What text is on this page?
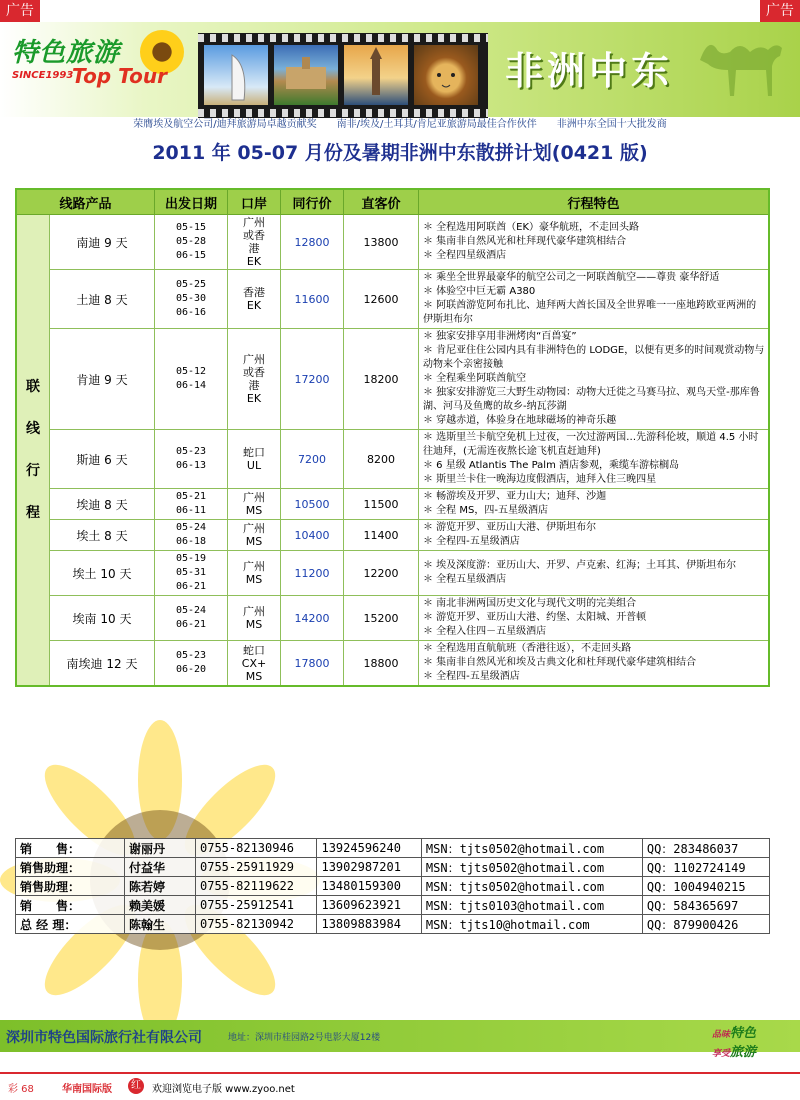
广告	广告
特色旅游
SINCE1993
Top Tour	非洲中东
荣膺埃及航空公司/迪拜旅游局卓越贡献奖　　南非/埃及/土耳其/肯尼亚旅游局最佳合作伙伴　　非洲中东全国十大批发商
2011 年 05-07 月份及暑期非洲中东散拼计划(0421 版)
线路产品		出发日期	口岸	同行价	直客价	行程特色

联
线
行
程	南迪 9 天	05-15
05-28
06-15	广州
或香
港
EK	12800	13800	＊ 全程选用阿联酋（EK）豪华航班，不走回头路
＊ 集南非自然风光和杜拜现代豪华建筑相结合
＊ 全程四星级酒店

	土迪 8 天	05-25
05-30
06-16	香港
EK	11600	12600	＊ 乘坐全世界最豪华的航空公司之一阿联酋航空——尊贵 豪华舒适
＊ 体验空中巨无霸 A380
＊ 阿联酋游览阿布扎比、迪拜两大酋长国及全世界唯一一座地跨欧亚两洲的伊斯坦布尔

	肯迪 9 天	05-12
06-14	广州
或香
港
EK	17200	18200	＊ 独家安排享用非洲烤肉“百兽宴”
＊ 肯尼亚住住公园内具有非洲特色的 LODGE，以便有更多的时间观赏动物与动物来个亲密接触
＊ 全程乘坐阿联酋航空
＊ 独家安排游览三大野生动物园：动物大迁徙之马赛马拉、观鸟天堂-那库鲁湖、河马及鱼鹰的故乡-纳瓦莎湖
＊ 穿越赤道，体验身在地球磁场的神奇乐趣

	斯迪 6 天	05-23
06-13	蛇口
UL	7200	8200	＊ 选斯里兰卡航空免机上过夜，一次过游两国…先游科伦坡，顺道 4.5 小时往迪拜，(无需连夜熬长途飞机直赶迪拜)
＊ 6 星级 Atlantis The Palm 酒店参观，乘缆车游棕榈岛
＊ 斯里兰卡住一晚海边度假酒店，迪拜入住三晚四星

	埃迪 8 天	05-21
06-11	广州
MS	10500	11500	＊ 畅游埃及开罗、亚力山大；迪拜、沙迦
＊ 全程 MS，四-五星级酒店

	埃土 8 天	05-24
06-18	广州
MS	10400	11400	＊ 游览开罗、亚历山大港、伊斯坦布尔
＊ 全程四-五星级酒店

	埃土 10 天	05-19
05-31
06-21	广州
MS	11200	12200	＊ 埃及深度游：亚历山大、开罗、卢克索、红海；土耳其、伊斯坦布尔
＊ 全程五星级酒店

	埃南 10 天	05-24
06-21	广州
MS	14200	15200	＊ 南北非洲两国历史文化与现代文明的完美组合
＊ 游览开罗、亚历山大港、约堡、太阳城、开普顿
＊ 全程入住四－五星级酒店

	南埃迪 12 天	05-23
06-20	蛇口
CX+
MS	17800	18800	＊ 全程选用直航航班（香港往返），不走回头路
＊ 集南非自然风光和埃及古典文化和杜拜现代豪华建筑相结合
＊ 全程四-五星级酒店
销　　售：	谢丽丹	0755-82130946	13924596240	MSN：tjts0502@hotmail.com	QQ：283486037
销售助理：	付益华	0755-25911929	13902987201	MSN：tjts0502@hotmail.com	QQ：1102724149
销售助理：	陈若婷	0755-82119622	13480159300	MSN：tjts0502@hotmail.com	QQ：1004940215
销　　售：	赖美媛	0755-25912541	13609623921	MSN：tjts0103@hotmail.com	QQ：584365697
总 经 理：	陈翰生	0755-82130942	13809883984	MSN：tjts10@hotmail.com	QQ：879900426
深圳市特色国际旅行社有限公司	地址：深圳市桂园路2号电影大厦12楼	品味特色
享受旅游
彩 68	华南国际版	红	欢迎浏览电子版 www.zyoo.net
